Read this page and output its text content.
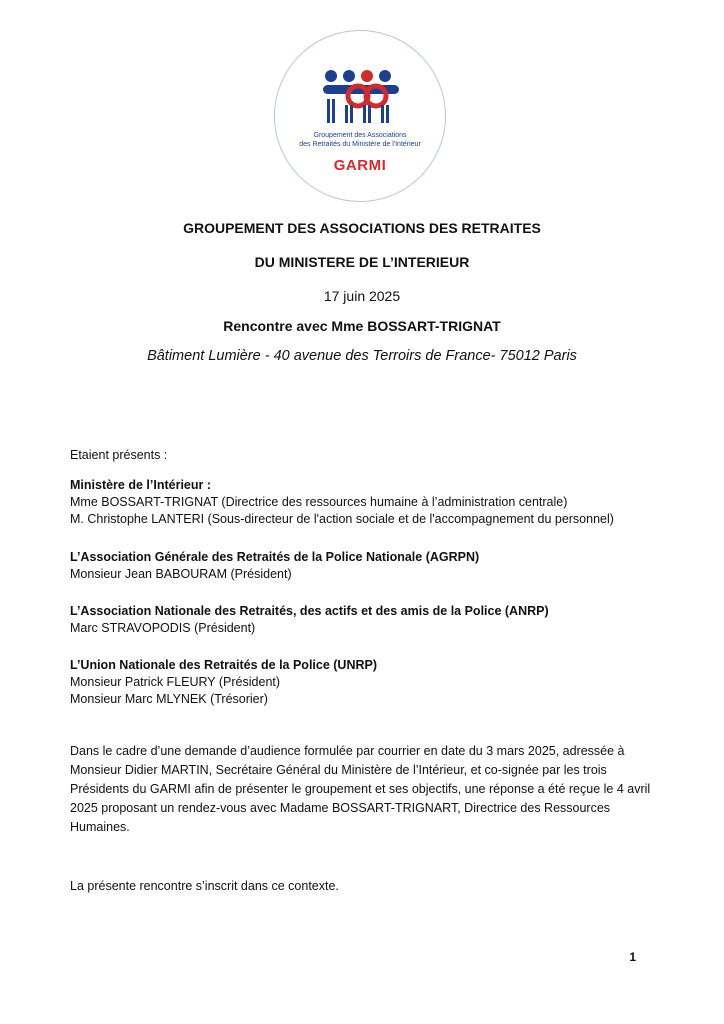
Groupement des Associations
des Retraités du Ministère de l'Intérieur
GARMI
GROUPEMENT DES ASSOCIATIONS DES RETRAITES
DU MINISTERE DE L’INTERIEUR
17 juin 2025
Rencontre avec Mme BOSSART-TRIGNAT
Bâtiment Lumière - 40 avenue des Terroirs de France- 75012 Paris
Etaient présents :
Ministère de l’Intérieur :
Mme BOSSART-TRIGNAT (Directrice des ressources humaine à l’administration centrale)
M. Christophe LANTERI (Sous-directeur de l'action sociale et de l'accompagnement du personnel)
L’Association Générale des Retraités de la Police Nationale (AGRPN)
Monsieur Jean BABOURAM (Président)
L’Association Nationale des Retraités, des actifs et des amis de la Police (ANRP)
Marc STRAVOPODIS (Président)
L’Union Nationale des Retraités de la Police (UNRP)
Monsieur Patrick FLEURY (Président)
Monsieur Marc MLYNEK (Trésorier)
Dans le cadre d’une demande d’audience formulée par courrier en date du 3 mars 2025, adressée à Monsieur Didier MARTIN, Secrétaire Général du Ministère de l’Intérieur, et co-signée par les trois Présidents du GARMI afin de présenter le groupement et ses objectifs, une réponse a été reçue le 4 avril 2025 proposant un rendez-vous avec Madame BOSSART-TRIGNART, Directrice des Ressources Humaines.
La présente rencontre s’inscrit dans ce contexte.
1
